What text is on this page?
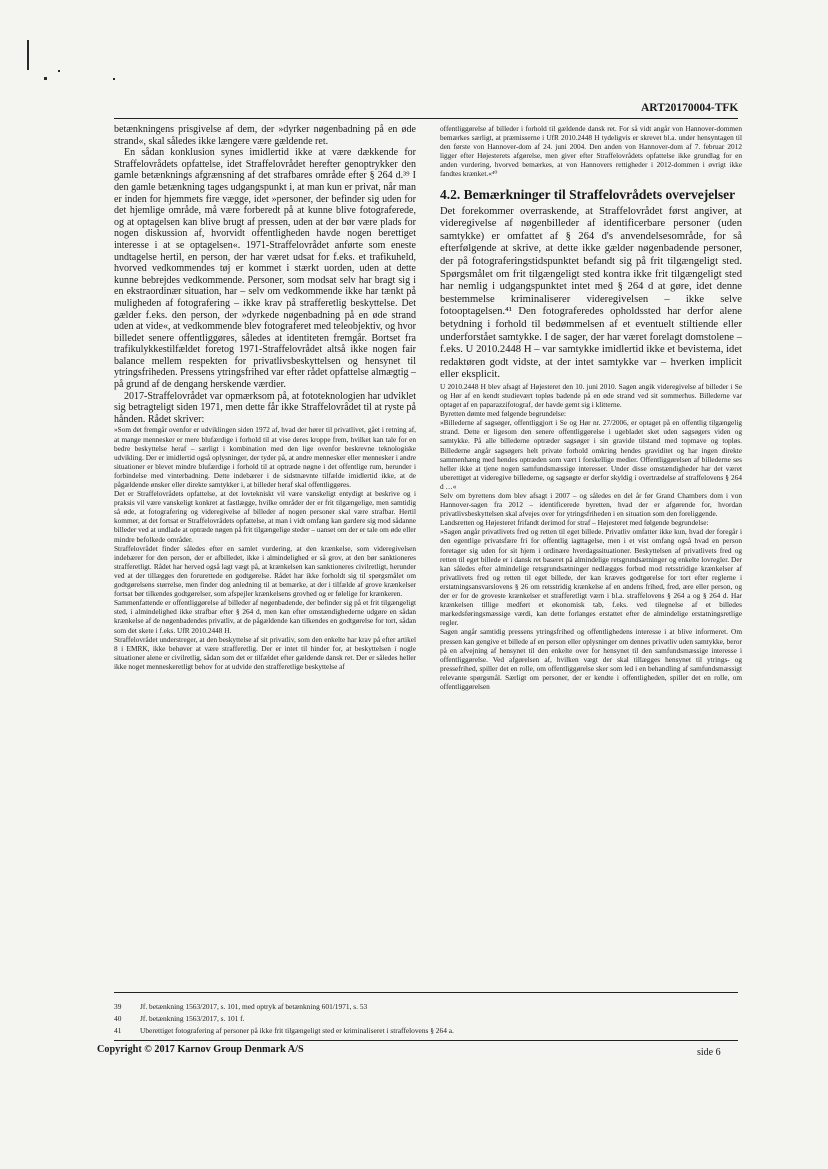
ART20170004-TFK

betænkningens prisgivelse af dem, der »dyrker nøgenbadning på en øde strand«, skal således ikke længere være gældende ret.

En sådan konklusion synes imidlertid ikke at være dækkende for Straffelovrådets opfattelse, idet Straffelovrådet herefter genoptrykker den gamle betænknings afgrænsning af det strafbares område efter § 264 d.³⁹ I den gamle betænkning tages udgangspunkt i, at man kun er privat, når man er inden for hjemmets fire vægge, idet »personer, der befinder sig uden for det hjemlige område, må være forberedt på at kunne blive fotograferede, og at optagelsen kan blive brugt af pressen, uden at der bør være plads for nogen diskussion af, hvorvidt offentligheden havde nogen berettiget interesse i at se optagelsen«. 1971-Straffelovrådet anførte som eneste undtagelse hertil, en person, der har været udsat for f.eks. et trafikuheld, hvorved vedkommendes tøj er kommet i stærkt uorden, uden at dette kunne bebrejdes vedkommende. Personer, som modsat selv har bragt sig i en ekstraordinær situation, har – selv om vedkommende ikke har tænkt på muligheden af fotografering – ikke krav på strafferetlig beskyttelse. Det gælder f.eks. den person, der »dyrkede nøgenbadning på en øde strand uden at vide«, at vedkommende blev fotograferet med teleobjektiv, og hvor billedet senere offentliggøres, således at identiteten fremgår. Bortset fra trafikulykkestilfældet foretog 1971-Straffelovrådet altså ikke nogen fair balance mellem respekten for privatlivsbeskyttelsen og hensynet til ytringsfriheden. Pressens ytringsfrihed var efter rådet opfattelse almægtig – på grund af de dengang herskende værdier.

2017-Straffelovrådet var opmærksom på, at fototeknologien har udviklet sig betragteligt siden 1971, men dette får ikke Straffelovrådet til at ryste på hånden. Rådet skriver:

»Som det fremgår ovenfor er udviklingen siden 1972 af, hvad der hører til privatlivet, gået i retning af, at mange mennesker er mere blufærdige i forhold til at vise deres kroppe frem, hvilket kan tale for en bedre beskyttelse heraf – særligt i kombination med den lige ovenfor beskrevne teknologiske udvikling. Der er imidlertid også oplysninger, der tyder på, at andre mennesker eller mennesker i andre situationer er blevet mindre blufærdige i forhold til at optræde nøgne i det offentlige rum, herunder i forbindelse med vinterbadning. Dette indebærer i de sidstnævnte tilfælde imidlertid ikke, at de pågældende ønsker eller direkte samtykker i, at billeder heraf skal offentliggøres.

Det er Straffelovrådets opfattelse, at det lovtekniskt vil være vanskeligt entydigt at beskrive og i praksis vil være vanskeligt konkret at fastlægge, hvilke områder der er frit tilgængelige, men samtidig så øde, at fotografering og videregivelse af billeder af nogen personer skal være strafbar. Hertil kommer, at det fortsat er Straffelovrådets opfattelse, at man i vidt omfang kan gardere sig mod sådanne billeder ved at undlade at optræde nøgen på frit tilgængelige steder – uanset om der er tale om øde eller mindre befolkede områder.

Straffelovrådet finder således efter en samlet vurdering, at den krænkelse, som videregivelsen indebærer for den person, der er afbilledet, ikke i almindelighed er så grov, at den bør sanktioneres strafferetligt. Rådet har herved også lagt vægt på, at krænkelsen kan sanktioneres civilretligt, herunder ved at der tillægges den forurettede en godtgørelse. Rådet har ikke forholdt sig til spørgsmålet om godtgørelsens størrelse, men finder dog anledning til at bemærke, at der i tilfælde af grove krænkelser fortsat bør tilkendes godtgørelser, som afspejler krænkelsens grovhed og er følelige for krænkeren.

Sammenfattende er offentliggørelse af billeder af nøgenbadende, der befinder sig på et frit tilgængeligt sted, i almindelighed ikke strafbar efter § 264 d, men kan efter omstændighederne udgøre en sådan krænkelse af de nøgenbadendes privatliv, at de pågældende kan tilkendes en godtgørelse for tort, sådan som det skete i f.eks. UfR 2010.2448 H.

Straffelovrådet understreger, at den beskyttelse af sit privatliv, som den enkelte har krav på efter artikel 8 i EMRK, ikke behøver at være strafferetlig. Der er intet til hinder for, at beskyttelsen i nogle situationer alene er civilretlig, sådan som det er tilfældet efter gældende dansk ret. Der er således heller ikke noget menneskeretligt behov for at udvide den strafferetlige beskyttelse af

offentliggørelse af billeder i forhold til gældende dansk ret. For så vidt angår von Hannover-dommen bemærkes særligt, at præmisserne i UfR 2010.2448 H tydeligvis er skrevet bl.a. under hensyntagen til den første von Hannover-dom af 24. juni 2004. Den anden von Hannover-dom af 7. februar 2012 ligger efter Højesterets afgørelse, men giver efter Straffelovrådets opfattelse ikke grundlag for en anden vurdering, hvorved bemærkes, at von Hannovers rettigheder i 2012-dommen i øvrigt ikke fandtes krænket.«⁴⁰

4.2. Bemærkninger til Straffelovrådets overvejelser

Det forekommer overraskende, at Straffelovrådet først angiver, at videregivelse af nøgenbilleder af identificerbare personer (uden samtykke) er omfattet af § 264 d's anvendelsesområde, for så efterfølgende at skrive, at dette ikke gælder nøgenbadende personer, der på fotograferingstidspunktet befandt sig på frit tilgængeligt sted. Spørgsmålet om frit tilgængeligt sted kontra ikke frit tilgængeligt sted har nemlig i udgangspunktet intet med § 264 d at gøre, idet denne bestemmelse kriminaliserer videregivelsen – ikke selve fotooptagelsen.⁴¹ Den fotograferedes opholdssted har derfor alene betydning i forhold til bedømmelsen af et eventuelt stiltiende eller underforstået samtykke. I de sager, der har været forelagt domstolene – f.eks. U 2010.2448 H – var samtykke imidlertid ikke et bevistema, idet redaktøren godt vidste, at der intet samtykke var – hverken implicit eller eksplicit.

U 2010.2448 H blev afsagt af Højesteret den 10. juni 2010. Sagen angik videregivelse af billeder i Se og Hør af en kendt studievært topløs badende på en øde strand ved sit sommerhus. Billederne var optaget af en paparazzifotograf, der havde gemt sig i klitterne.

Byretten dømte med følgende begrundelse:

»Billederne af sagsøger, offentliggjort i Se og Hør nr. 27/2006, er optaget på en offentlig tilgængelig strand. Dette er ligesom den senere offentliggørelse i ugebladet sket uden sagsøgers viden og samtykke. På alle billederne optræder sagsøger i sin gravide tilstand med topmave og topløs. Billederne angår sagsøgers helt private forhold omkring hendes graviditet og har ingen direkte sammenhæng med hendes optræden som vært i forskellige medier. Offentliggørelsen af billederne ses heller ikke at tjene nogen samfundsmæssige interesser. Under disse omstændigheder har det været uberettiget at videregive billederne, og sagsøgte er derfor skyldig i overtrædelse af straffelovens § 264 d …«

Selv om byrettens dom blev afsagt i 2007 – og således en del år før Grand Chambers dom i von Hannover-sagen fra 2012 – identificerede byretten, hvad der er afgørende for, hvordan privatlivsbeskyttelsen skal afvejes over for ytringsfriheden i en situation som den foreliggende.

Landsretten og Højesteret frifandt derimod for straf – Højesteret med følgende begrundelse:

»Sagen angår privatlivets fred og retten til eget billede. Privatliv omfatter ikke kun, hvad der foregår i den egentlige privatsfære fri for offentlig iagttagelse, men i et vist omfang også hvad en person foretager sig uden for sit hjem i ordinære hverdagssituationer. Beskyttelsen af privatlivets fred og retten til eget billede er i dansk ret baseret på almindelige retsgrundsætninger og enkelte lovregler. Der kan således efter almindelige retsgrundsætninger nedlægges forbud mod retsstridige krænkelser af privatlivets fred og retten til eget billede, der kan kræves godtgørelse for tort efter reglerne i erstatningsansvarslovens § 26 om retsstridig krænkelse af en andens frihed, fred, ære eller person, og der er for de groveste krænkelser et strafferetligt værn i bl.a. straffelovens § 264 a og § 264 d. Har krænkelsen tillige medført et økonomisk tab, f.eks. ved tilegnelse af et billedes markedsføringsmæssige værdi, kan dette forlanges erstattet efter de almindelige erstatningsretlige regler.

Sagen angår samtidig pressens ytringsfrihed og offentlighedens interesse i at blive informeret. Om pressen kan gengive et billede af en person eller oplysninger om dennes privatliv uden samtykke, beror på en afvejning af hensynet til den enkelte over for hensynet til den samfundsmæssige interesse i offentliggørelse. Ved afgørelsen af, hvilken vægt der skal tillægges hensynet til ytrings- og pressefrihed, spiller det en rolle, om offentliggørelse sker som led i en behandling af samfundsmæssigt relevante spørgsmål. Særligt om personer, der er kendte i offentligheden, spiller det en rolle, om offentliggørelsen

39	Jf. betænkning 1563/2017, s. 101, med optryk af betænkning 601/1971, s. 53
40	Jf. betænkning 1563/2017, s. 101 f.
41	Uberettiget fotografering af personer på ikke frit tilgængeligt sted er kriminaliseret i straffelovens § 264 a.
Copyright © 2017 Karnov Group Denmark A/S	side 6
